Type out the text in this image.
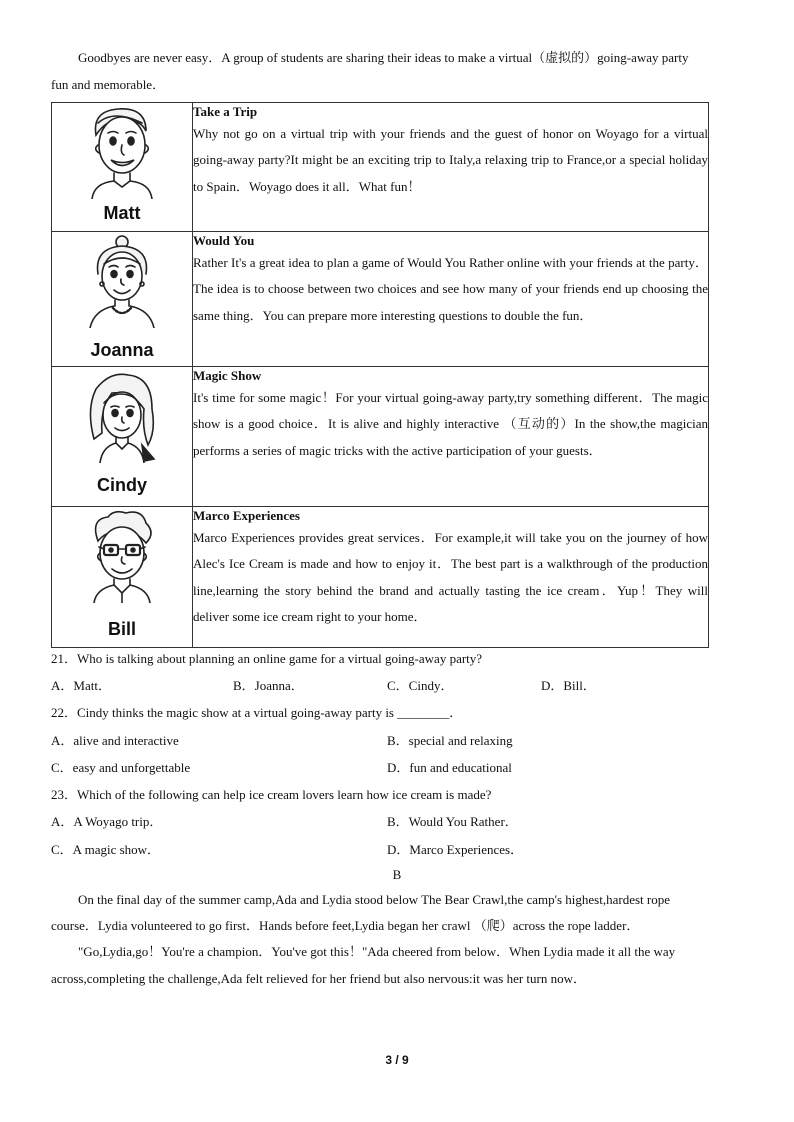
Goodbyes are never easy．A group of students are sharing their ideas to make a virtual（虚拟的）going-away party
fun and memorable．
Matt	Take a Trip
Why not go on a virtual trip with your friends and the guest of honor on Woyago for a virtual going-away party?It might be an exciting trip to Italy,a relaxing trip to France,or a special holiday to Spain．Woyago does it all．What fun！

Joanna	Would You
Rather It's a great idea to plan a game of Would You Rather online with your friends at the party．The idea is to choose between two choices and see how many of your friends end up choosing the same thing．You can prepare more interesting questions to double the fun．

Cindy	Magic Show
It's time for some magic！For your virtual going-away party,try something different．The magic show is a good choice．It is alive and highly interactive （互动的）In the show,the magician performs a series of magic tricks with the active participation of your guests．

Bill	Marco Experiences
Marco Experiences provides great services．For example,it will take you on the journey of how Alec's Ice Cream is made and how to enjoy it．The best part is a walkthrough of the production line,learning the story behind the brand and actually tasting the ice cream．Yup！They will deliver some ice cream right to your home．
21．Who is talking about planning an online game for a virtual going-away party?
A．Matt．	B．Joanna．	C．Cindy．	D．Bill．
22．Cindy thinks the magic show at a virtual going-away party is ________．
A．alive and interactive	B．special and relaxing
C．easy and unforgettable	D．fun and educational
23．Which of the following can help ice cream lovers learn how ice cream is made?
A．A Woyago trip．	B．Would You Rather．
C．A magic show．	D．Marco Experiences．
B
On the final day of the summer camp,Ada and Lydia stood below The Bear Crawl,the camp's highest,hardest rope
course．Lydia volunteered to go first．Hands before feet,Lydia began her crawl （爬）across the rope ladder．
"Go,Lydia,go！You're a champion．You've got this！"Ada cheered from below．When Lydia made it all the way
across,completing the challenge,Ada felt relieved for her friend but also nervous:it was her turn now．
3 / 9
